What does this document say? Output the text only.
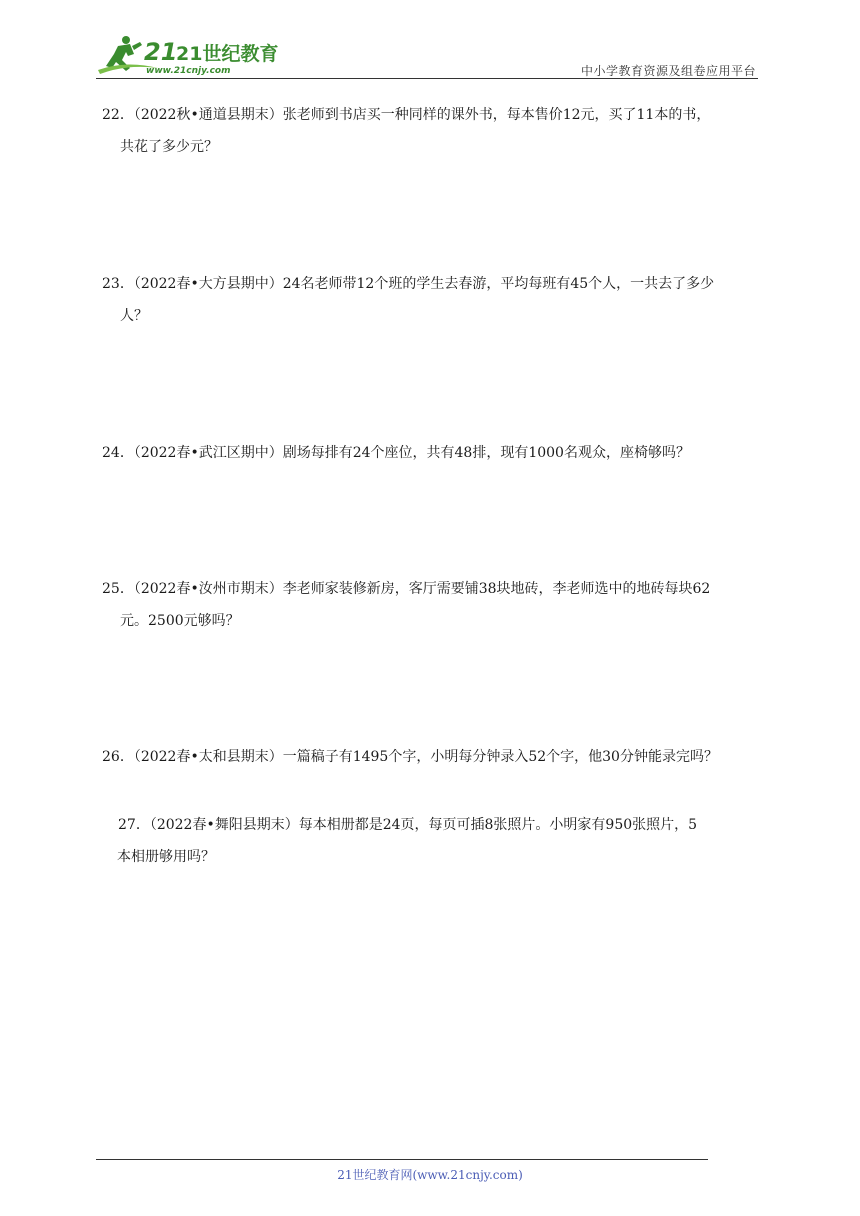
21
21世纪教育
www.21cnjy.com	中小学教育资源及组卷应用平台
22．（2022秋•通道县期末）张老师到书店买一种同样的课外书，每本售价12元，买了11本的书，
共花了多少元？
23．（2022春•大方县期中）24名老师带12个班的学生去春游，平均每班有45个人，一共去了多少
人？
24．（2022春•武江区期中）剧场每排有24个座位，共有48排，现有1000名观众，座椅够吗？
25．（2022春•汝州市期末）李老师家装修新房，客厅需要铺38块地砖，李老师选中的地砖每块62
元。2500元够吗？
26．（2022春•太和县期末）一篇稿子有1495个字，小明每分钟录入52个字，他30分钟能录完吗？
27．（2022春•舞阳县期末）每本相册都是24页，每页可插8张照片。小明家有950张照片，5
本相册够用吗？
21世纪教育网(www.21cnjy.com)
